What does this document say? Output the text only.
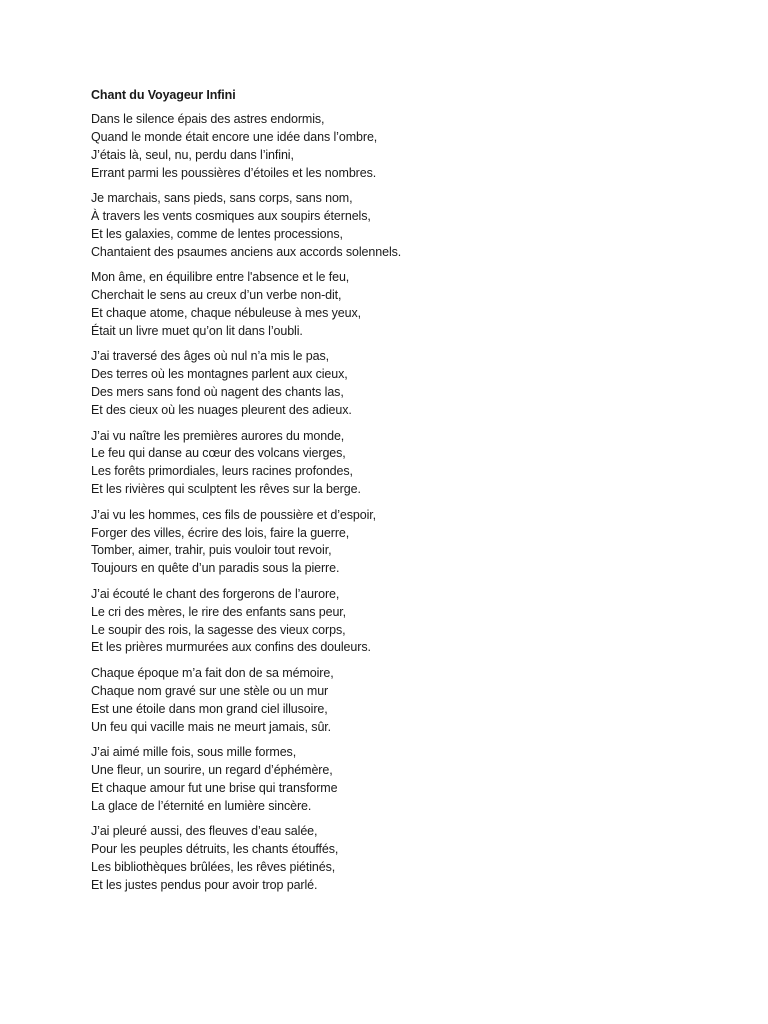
Chant du Voyageur Infini
Dans le silence épais des astres endormis,
Quand le monde était encore une idée dans l’ombre,
J’étais là, seul, nu, perdu dans l’infini,
Errant parmi les poussières d’étoiles et les nombres.
Je marchais, sans pieds, sans corps, sans nom,
À travers les vents cosmiques aux soupirs éternels,
Et les galaxies, comme de lentes processions,
Chantaient des psaumes anciens aux accords solennels.
Mon âme, en équilibre entre l'absence et le feu,
Cherchait le sens au creux d’un verbe non-dit,
Et chaque atome, chaque nébuleuse à mes yeux,
Était un livre muet qu’on lit dans l’oubli.
J’ai traversé des âges où nul n’a mis le pas,
Des terres où les montagnes parlent aux cieux,
Des mers sans fond où nagent des chants las,
Et des cieux où les nuages pleurent des adieux.
J’ai vu naître les premières aurores du monde,
Le feu qui danse au cœur des volcans vierges,
Les forêts primordiales, leurs racines profondes,
Et les rivières qui sculptent les rêves sur la berge.
J’ai vu les hommes, ces fils de poussière et d’espoir,
Forger des villes, écrire des lois, faire la guerre,
Tomber, aimer, trahir, puis vouloir tout revoir,
Toujours en quête d’un paradis sous la pierre.
J’ai écouté le chant des forgerons de l’aurore,
Le cri des mères, le rire des enfants sans peur,
Le soupir des rois, la sagesse des vieux corps,
Et les prières murmurées aux confins des douleurs.
Chaque époque m’a fait don de sa mémoire,
Chaque nom gravé sur une stèle ou un mur
Est une étoile dans mon grand ciel illusoire,
Un feu qui vacille mais ne meurt jamais, sûr.
J’ai aimé mille fois, sous mille formes,
Une fleur, un sourire, un regard d’éphémère,
Et chaque amour fut une brise qui transforme
La glace de l’éternité en lumière sincère.
J’ai pleuré aussi, des fleuves d’eau salée,
Pour les peuples détruits, les chants étouffés,
Les bibliothèques brûlées, les rêves piétinés,
Et les justes pendus pour avoir trop parlé.
